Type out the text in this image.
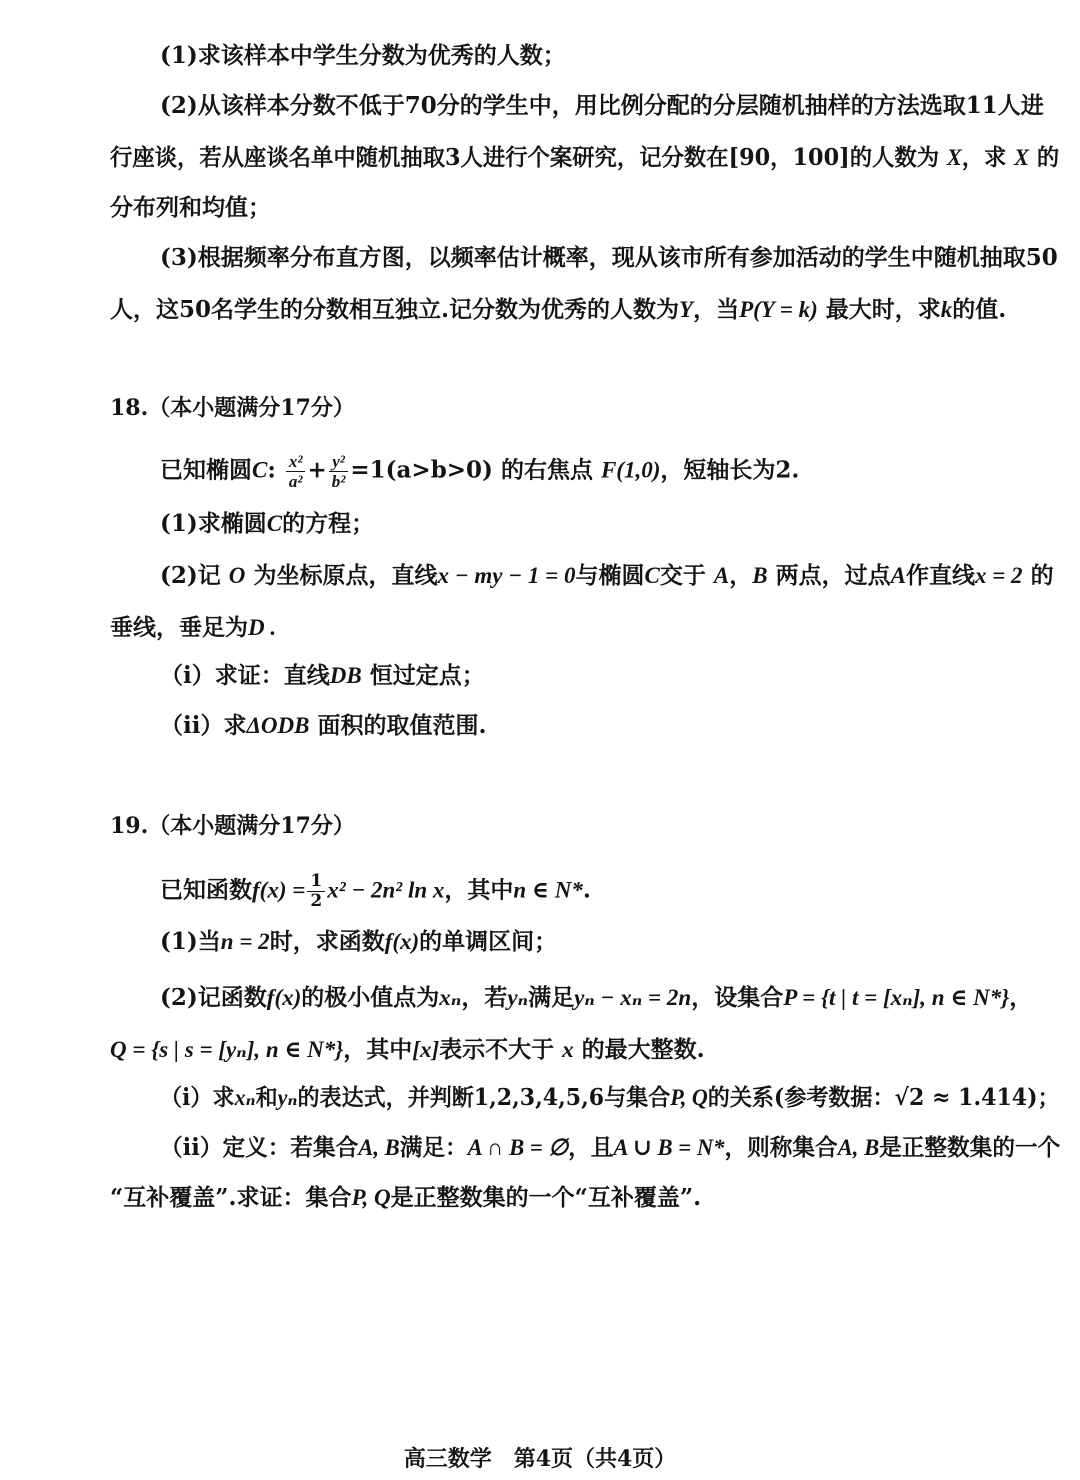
(1)求该样本中学生分数为优秀的人数；
(2)从该样本分数不低于70分的学生中，用比例分配的分层随机抽样的方法选取11人进
行座谈，若从座谈名单中随机抽取3人进行个案研究，记分数在[90，100]的人数为 X，求 X 的
分布列和均值；
(3)根据频率分布直方图，以频率估计概率，现从该市所有参加活动的学生中随机抽取50
人，这50名学生的分数相互独立.记分数为优秀的人数为Y，当P(Y = k) 最大时，求k的值.
18.（本小题满分17分）
已知椭圆C: $\frac{\text{x²}}{\text{a²}} + \frac{\text{y²}}{\text{b²}} =1(a>b>0)$ 的右焦点 F(1,0)，短轴长为2.
(1)求椭圆C的方程；
(2)记 O 为坐标原点，直线x − my − 1 = 0与椭圆C交于 A，B 两点，过点A作直线x = 2 的
垂线，垂足为D .
（ⅰ）求证：直线DB 恒过定点；
（ⅱ）求ΔODB 面积的取值范围.
19.（本小题满分17分）
已知函数$f(x) = \frac{1}{2} x^2 - 2n^2$ ln x，其中n ∈ N*.
(1)当n = 2时，求函数f(x)的单调区间；
(2)记函数f(x)的极小值点为xₙ，若yₙ满足yₙ − xₙ = 2n，设集合P = {t | t = [xₙ], n ∈ N*}，
Q = {s | s = [yₙ], n ∈ N*}，其中[x]表示不大于 x 的最大整数.
（ⅰ）求xₙ和yₙ的表达式，并判断1,2,3,4,5,6与集合P, Q的关系(参考数据：√2 ≈ 1.414)；
（ⅱ）定义：若集合A, B满足：A ∩ B = ∅，且A ∪ B = N*，则称集合A, B是正整数集的一个
“互补覆盖”.求证：集合P, Q是正整数集的一个“互补覆盖”.
高三数学　第4页（共4页）
